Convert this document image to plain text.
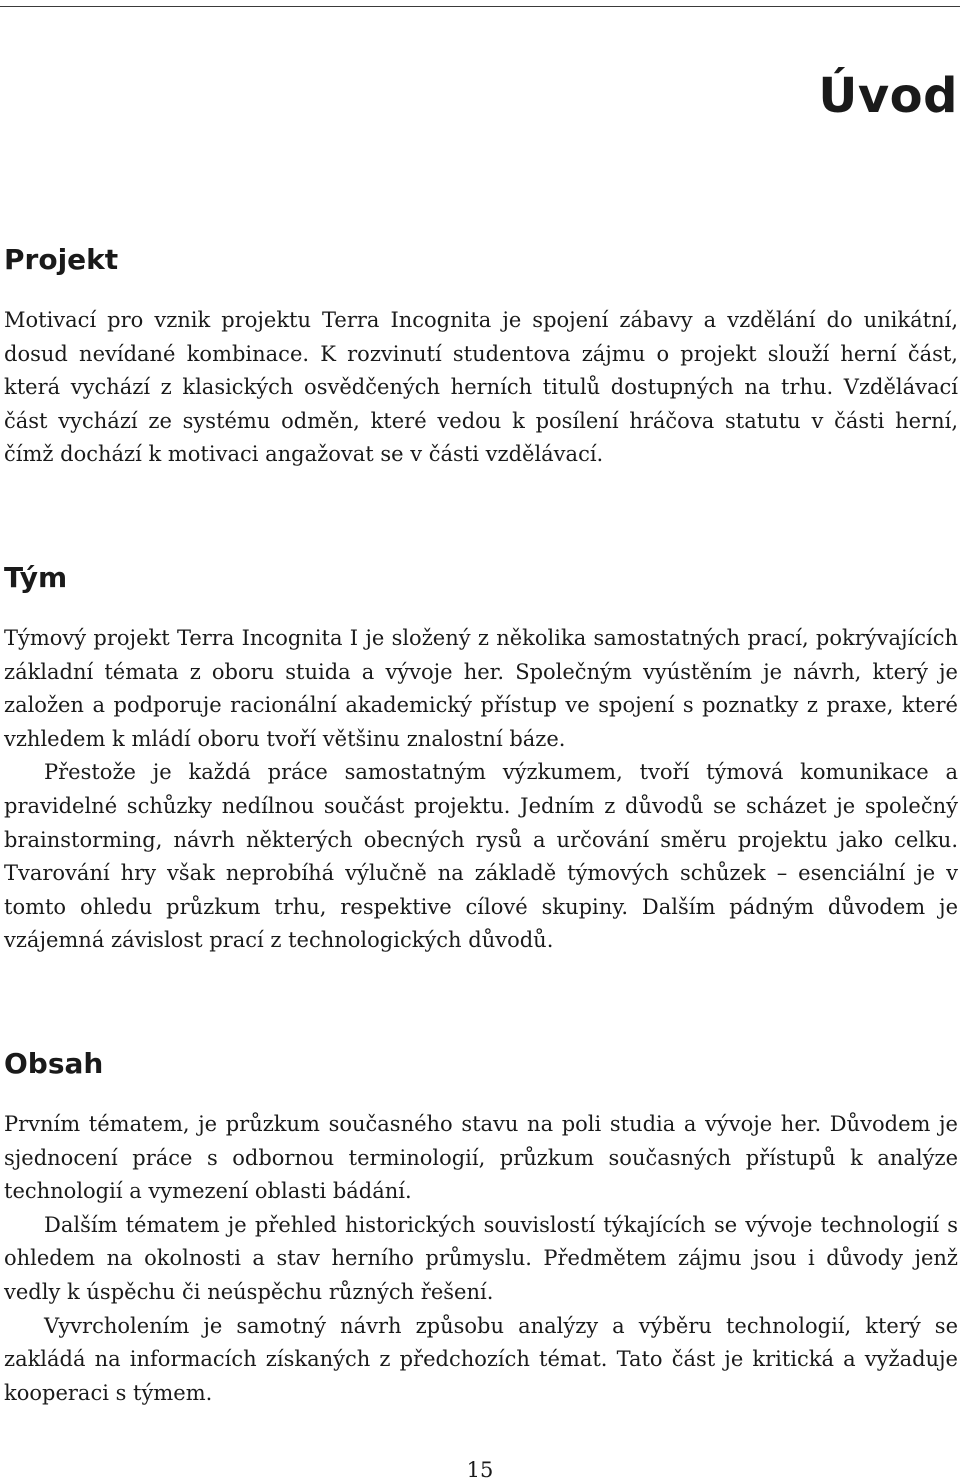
Úvod
Projekt

Motivací pro vznik projektu Terra Incognita je spojení zábavy a vzdělání do unikátní, dosud nevídané kombinace. K rozvinutí studentova zájmu o projekt slouží herní část, která vychází z klasických osvědčených herních titulů dostupných na trhu. Vzdělávací část vychází ze systému odměn, které vedou k posílení hráčova statutu v části herní, čímž dochází k motivaci angažovat se v části vzdělávací.

Tým

Týmový projekt Terra Incognita I je složený z několika samostatných prací, pokrývajících základní témata z oboru stuida a vývoje her. Společným vyústěním je návrh, který je založen a podporuje racionální akademický přístup ve spojení s poznatky z praxe, které vzhledem k mládí oboru tvoří většinu znalostní báze.

Přestože je každá práce samostatným výzkumem, tvoří týmová komunikace a pravidelné schůzky nedílnou součást projektu. Jedním z důvodů se scházet je společný brainstorming, návrh některých obecných rysů a určování směru projektu jako celku. Tvarování hry však neprobíhá výlučně na základě týmových schůzek – esenciální je v tomto ohledu průzkum trhu, respektive cílové skupiny. Dalším pádným důvodem je vzájemná závislost prací z technologických důvodů.

Obsah

Prvním tématem, je průzkum současného stavu na poli studia a vývoje her. Důvodem je sjednocení práce s odbornou terminologií, průzkum současných přístupů k analýze technologií a vymezení oblasti bádání.

Dalším tématem je přehled historických souvislostí týkajících se vývoje technologií s ohledem na okolnosti a stav herního průmyslu. Předmětem zájmu jsou i důvody jenž vedly k úspěchu či neúspěchu různých řešení.

Vyvrcholením je samotný návrh způsobu analýzy a výběru technologií, který se zakládá na informacích získaných z předchozích témat. Tato část je kritická a vyžaduje kooperaci s týmem.

15
